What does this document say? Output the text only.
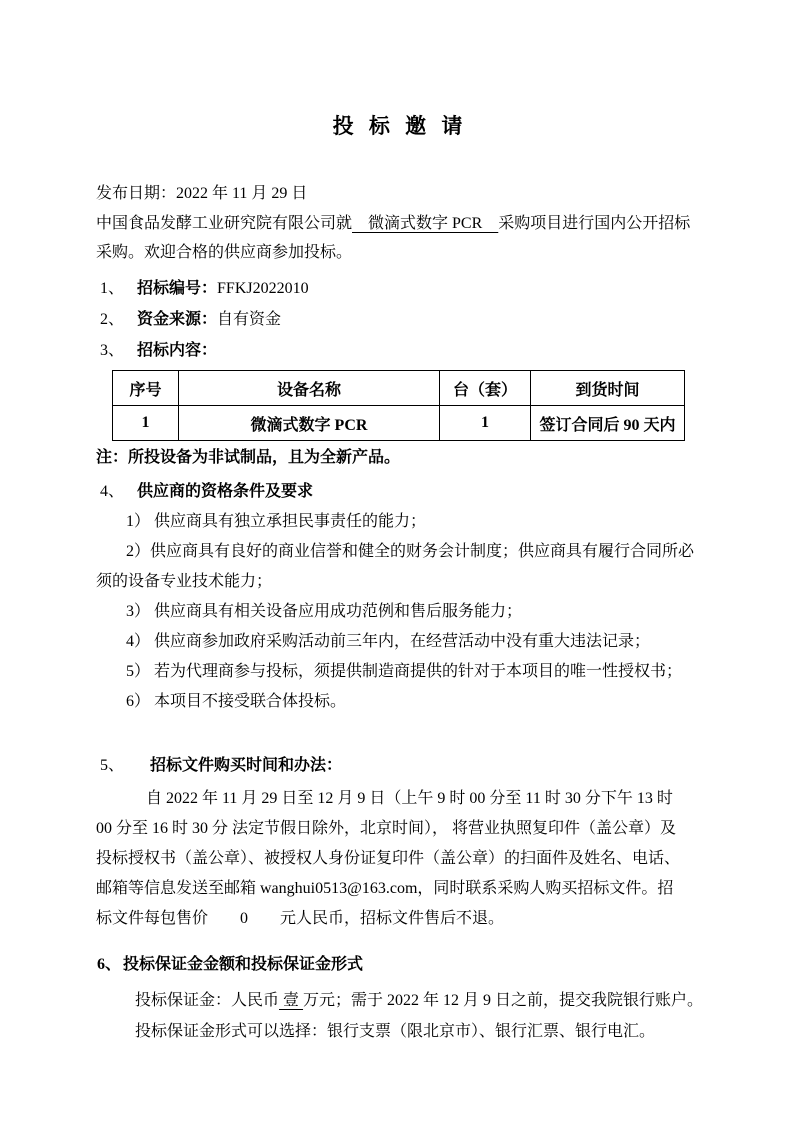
投 标 邀 请
发布日期：2022 年 11 月 29 日
中国食品发酵工业研究院有限公司就　微滴式数字 PCR　采购项目进行国内公开招标
采购。欢迎合格的供应商参加投标。
1、 招标编号：FFKJ2022010
2、 资金来源：自有资金
3、 招标内容：
序号	设备名称	台（套）	到货时间
1	微滴式数字 PCR	1	签订合同后 90 天内
注：所投设备为非试制品，且为全新产品。
4、 供应商的资格条件及要求
1） 供应商具有独立承担民事责任的能力；
2）供应商具有良好的商业信誉和健全的财务会计制度；供应商具有履行合同所必
须的设备专业技术能力；
3） 供应商具有相关设备应用成功范例和售后服务能力；
4） 供应商参加政府采购活动前三年内，在经营活动中没有重大违法记录；
5） 若为代理商参与投标，须提供制造商提供的针对于本项目的唯一性授权书；
6） 本项目不接受联合体投标。
5、 招标文件购买时间和办法：
自 2022 年 11 月 29 日至 12 月 9 日（上午 9 时 00 分至 11 时 30 分下午 13 时
00 分至 16 时 30 分 法定节假日除外，北京时间）， 将营业执照复印件（盖公章）及
投标授权书（盖公章）、被授权人身份证复印件（盖公章）的扫面件及姓名、电话、
邮箱等信息发送至邮箱 wanghui0513@163.com，同时联系采购人购买招标文件。招
标文件每包售价　　0　　元人民币，招标文件售后不退。
6、 投标保证金金额和投标保证金形式
投标保证金：人民币 壹 万元；需于 2022 年 12 月 9 日之前，提交我院银行账户。
投标保证金形式可以选择：银行支票（限北京市）、银行汇票、银行电汇。
